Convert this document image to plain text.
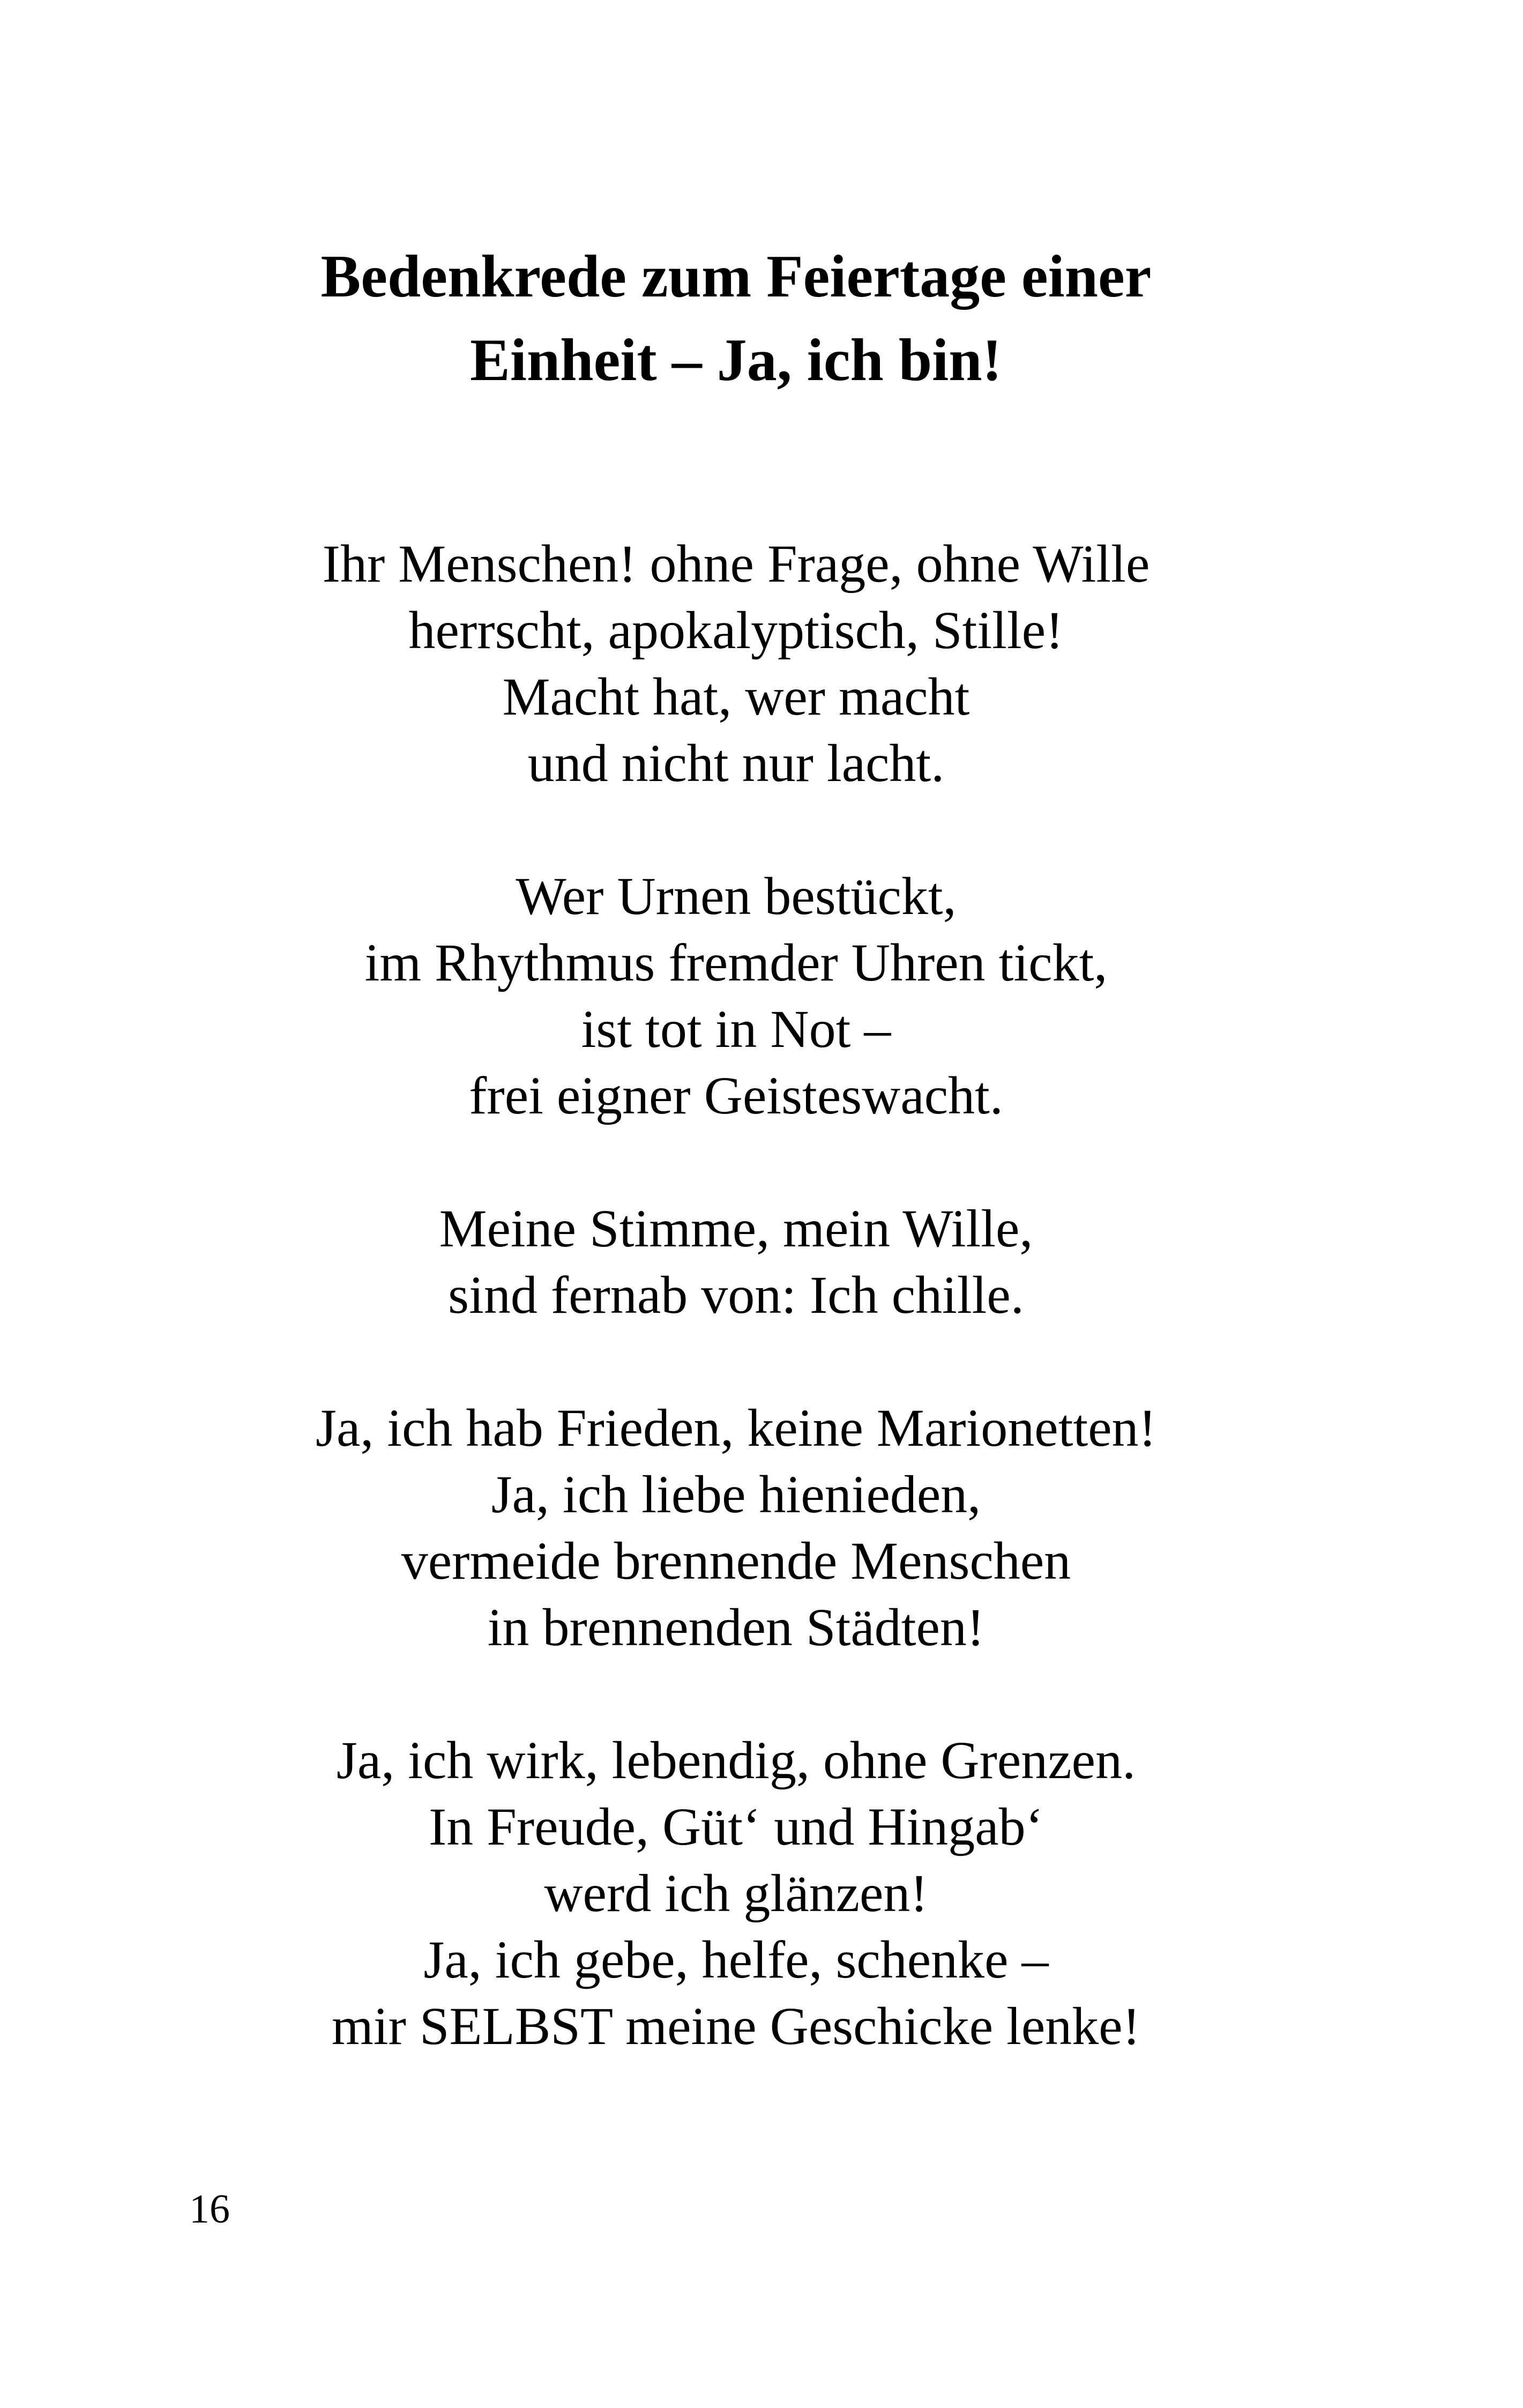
Bedenkrede zum Feiertage einer
Einheit – Ja, ich bin!

Ihr Menschen! ohne Frage, ohne Wille
herrscht, apokalyptisch, Stille!
Macht hat, wer macht
und nicht nur lacht.

Wer Urnen bestückt,
im Rhythmus fremder Uhren tickt,
ist tot in Not –
frei eigner Geisteswacht.

Meine Stimme, mein Wille,
sind fernab von: Ich chille.

Ja, ich hab Frieden, keine Marionetten!
Ja, ich liebe hienieden,
vermeide brennende Menschen
in brennenden Städten!

Ja, ich wirk, lebendig, ohne Grenzen.
In Freude, Güt‘ und Hingab‘
werd ich glänzen!
Ja, ich gebe, helfe, schenke –
mir SELBST meine Geschicke lenke!

16
